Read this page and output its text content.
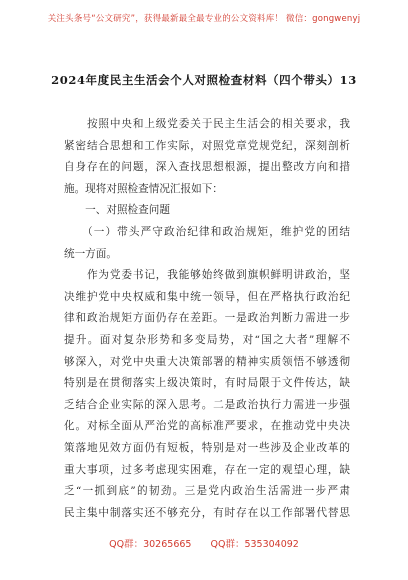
关注头条号“公文研究”，获得最新最全最专业的公文资料库！ 微信：gongwenyj
2024年度民主生活会个人对照检查材料（四个带头）13
　　按照中央和上级党委关于民主生活会的相关要求，我
紧密结合思想和工作实际，对照党章党规党纪，深刻剖析
自身存在的问题，深入查找思想根源，提出整改方向和措
施。现将对照检查情况汇报如下：
　　一、对照检查问题
　　（一）带头严守政治纪律和政治规矩，维护党的团结
统一方面。
　　作为党委书记，我能够始终做到旗帜鲜明讲政治，坚
决维护党中央权威和集中统一领导，但在严格执行政治纪
律和政治规矩方面仍存在差距。一是政治判断力需进一步
提升。面对复杂形势和多变局势，对“国之大者”理解不
够深入，对党中央重大决策部署的精神实质领悟不够透彻
特别是在贯彻落实上级决策时，有时局限于文件传达，缺
乏结合企业实际的深入思考。二是政治执行力需进一步强
化。对标全面从严治党的高标准严要求，在推动党中央决
策落地见效方面仍有短板，特别是对一些涉及企业改革的
重大事项，过多考虑现实困难，存在一定的观望心理，缺
乏“一抓到底”的韧劲。三是党内政治生活需进一步严肃
民主集中制落实还不够充分，有时存在以工作部署代替思
QQ群：30265665 QQ群：535304092
